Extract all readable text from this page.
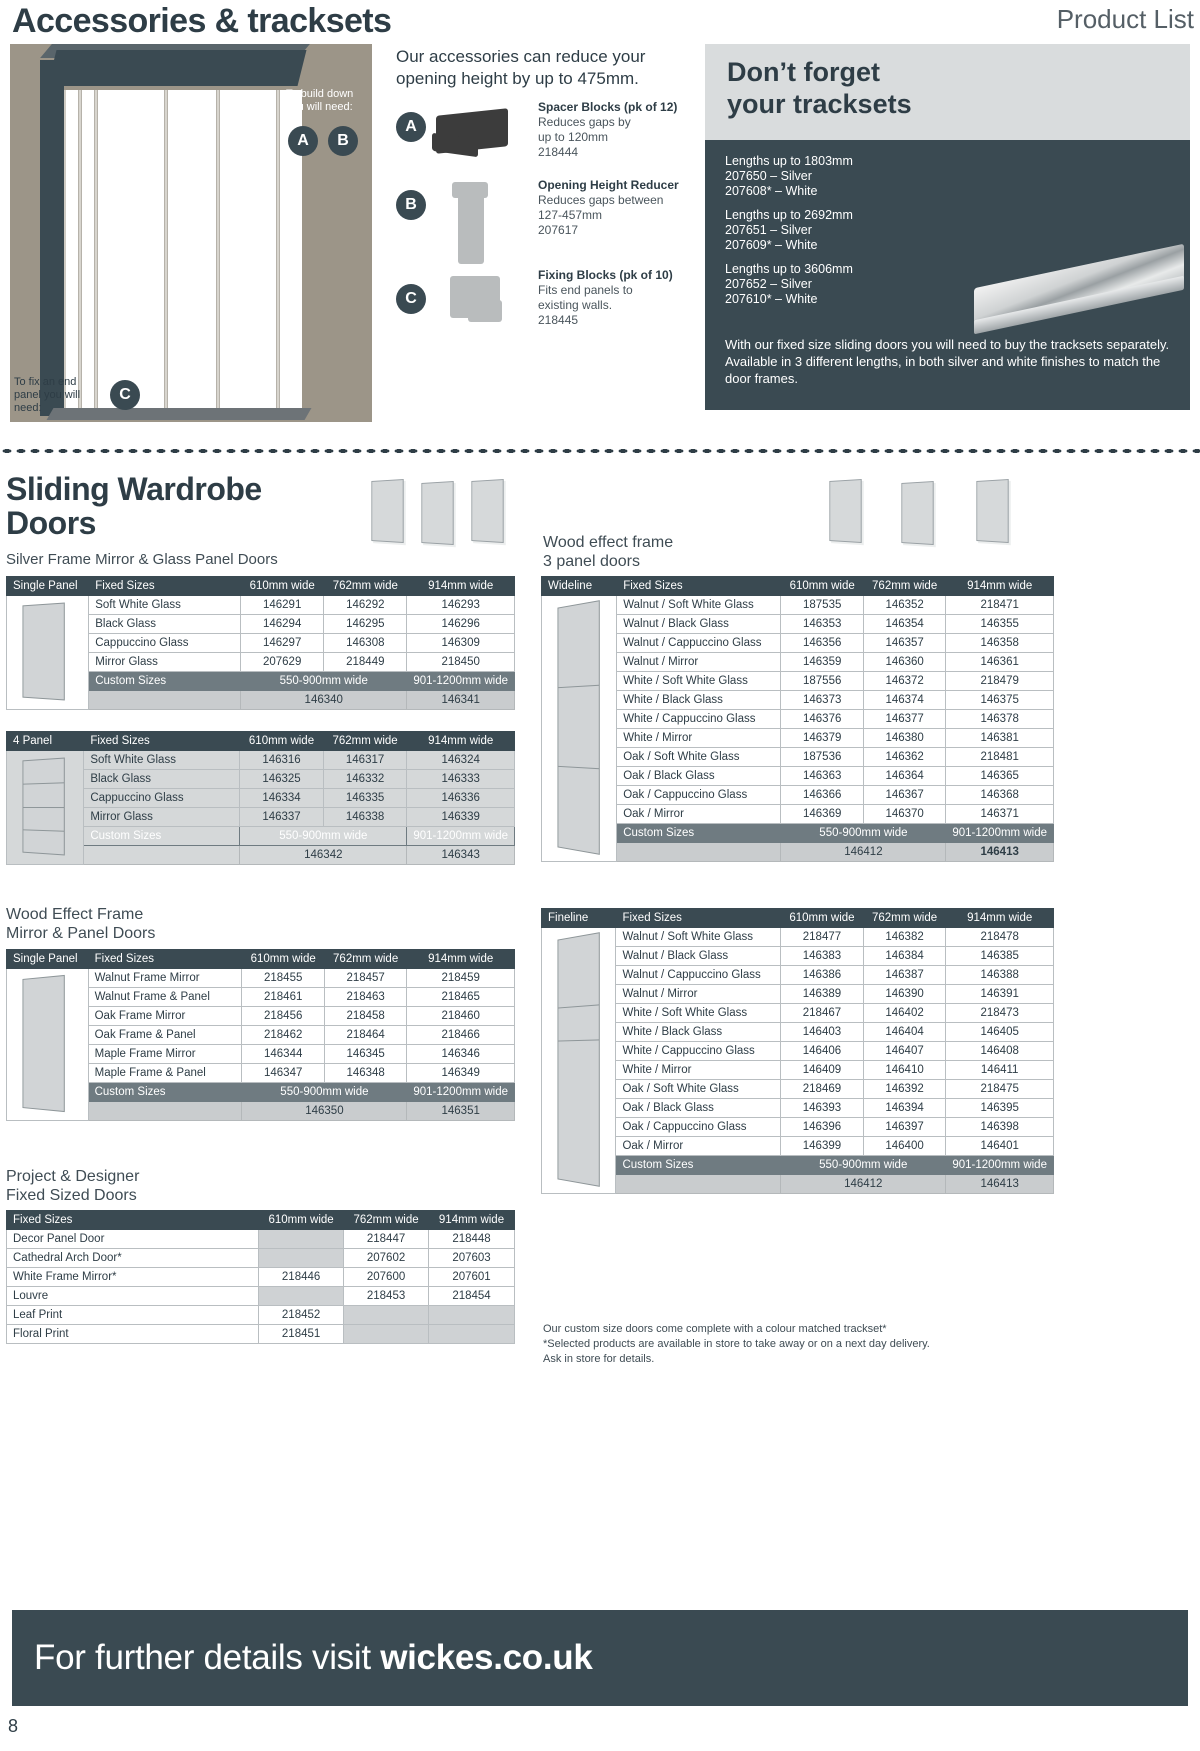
Accessories & tracksets	Product List
To build down you will need:
A	B
To fix an end panel you will need:
C
Our accessories can reduce your opening height by up to 475mm.
A
Spacer Blocks (pk of 12)
Reduces gaps by
up to 120mm
218444
B
Opening Height Reducer
Reduces gaps between
127-457mm
207617
C
Fixing Blocks (pk of 10)
Fits end panels to
existing walls.
218445
Don’t forget
your tracksets
Lengths up to 1803mm
207650 – Silver
207608* – White
Lengths up to 2692mm
207651 – Silver
207609* – White
Lengths up to 3606mm
207652 – Silver
207610* – White
With our fixed size sliding doors you will need to buy the tracksets separately. Available in 3 different lengths, in both silver and white finishes to match the door frames.
Sliding Wardrobe
Doors
Silver Frame Mirror & Glass Panel Doors
Wood effect frame
3 panel doors
Single Panel	Fixed Sizes	610mm wide	762mm wide	914mm wide

	Soft White Glass	146291	146292	146293
	Black Glass	146294	146295	146296
	Cappuccino Glass	146297	146308	146309
	Mirror Glass	207629	218449	218450
	Custom Sizes	550-900mm wide		901-1200mm wide
		146340		146341
4 Panel	Fixed Sizes	610mm wide	762mm wide	914mm wide

	Soft White Glass	146316	146317	146324
	Black Glass	146325	146332	146333
	Cappuccino Glass	146334	146335	146336
	Mirror Glass	146337	146338	146339
	Custom Sizes	550-900mm wide		901-1200mm wide
		146342		146343
Wood Effect Frame
Mirror & Panel Doors
Single Panel	Fixed Sizes	610mm wide	762mm wide	914mm wide

	Walnut Frame Mirror	218455	218457	218459
	Walnut Frame & Panel	218461	218463	218465
	Oak Frame Mirror	218456	218458	218460
	Oak Frame & Panel	218462	218464	218466
	Maple Frame Mirror	146344	146345	146346
	Maple Frame & Panel	146347	146348	146349
	Custom Sizes	550-900mm wide		901-1200mm wide
		146350		146351
Project & Designer
Fixed Sized Doors
Fixed Sizes	610mm wide	762mm wide	914mm wide
Decor Panel Door		218447	218448
Cathedral Arch Door*		207602	207603
White Frame Mirror*	218446	207600	207601
Louvre		218453	218454
Leaf Print	218452		
Floral Print	218451		
Wideline	Fixed Sizes	610mm wide	762mm wide	914mm wide

	Walnut / Soft White Glass	187535	146352	218471
	Walnut / Black Glass	146353	146354	146355
	Walnut / Cappuccino Glass	146356	146357	146358
	Walnut / Mirror	146359	146360	146361
	White / Soft White Glass	187556	146372	218479
	White / Black Glass	146373	146374	146375
	White / Cappuccino Glass	146376	146377	146378
	White / Mirror	146379	146380	146381
	Oak / Soft White Glass	187536	146362	218481
	Oak / Black Glass	146363	146364	146365
	Oak / Cappuccino Glass	146366	146367	146368
	Oak / Mirror	146369	146370	146371
	Custom Sizes	550-900mm wide		901-1200mm wide
		146412		146413
Fineline	Fixed Sizes	610mm wide	762mm wide	914mm wide

	Walnut / Soft White Glass	218477	146382	218478
	Walnut / Black Glass	146383	146384	146385
	Walnut / Cappuccino Glass	146386	146387	146388
	Walnut / Mirror	146389	146390	146391
	White / Soft White Glass	218467	146402	218473
	White / Black Glass	146403	146404	146405
	White / Cappuccino Glass	146406	146407	146408
	White / Mirror	146409	146410	146411
	Oak / Soft White Glass	218469	146392	218475
	Oak / Black Glass	146393	146394	146395
	Oak / Cappuccino Glass	146396	146397	146398
	Oak / Mirror	146399	146400	146401
	Custom Sizes	550-900mm wide		901-1200mm wide
		146412		146413
Our custom size doors come complete with a colour matched trackset*
*Selected products are available in store to take away or on a next day delivery.
Ask in store for details.
For further details visit wickes.co.uk
8
